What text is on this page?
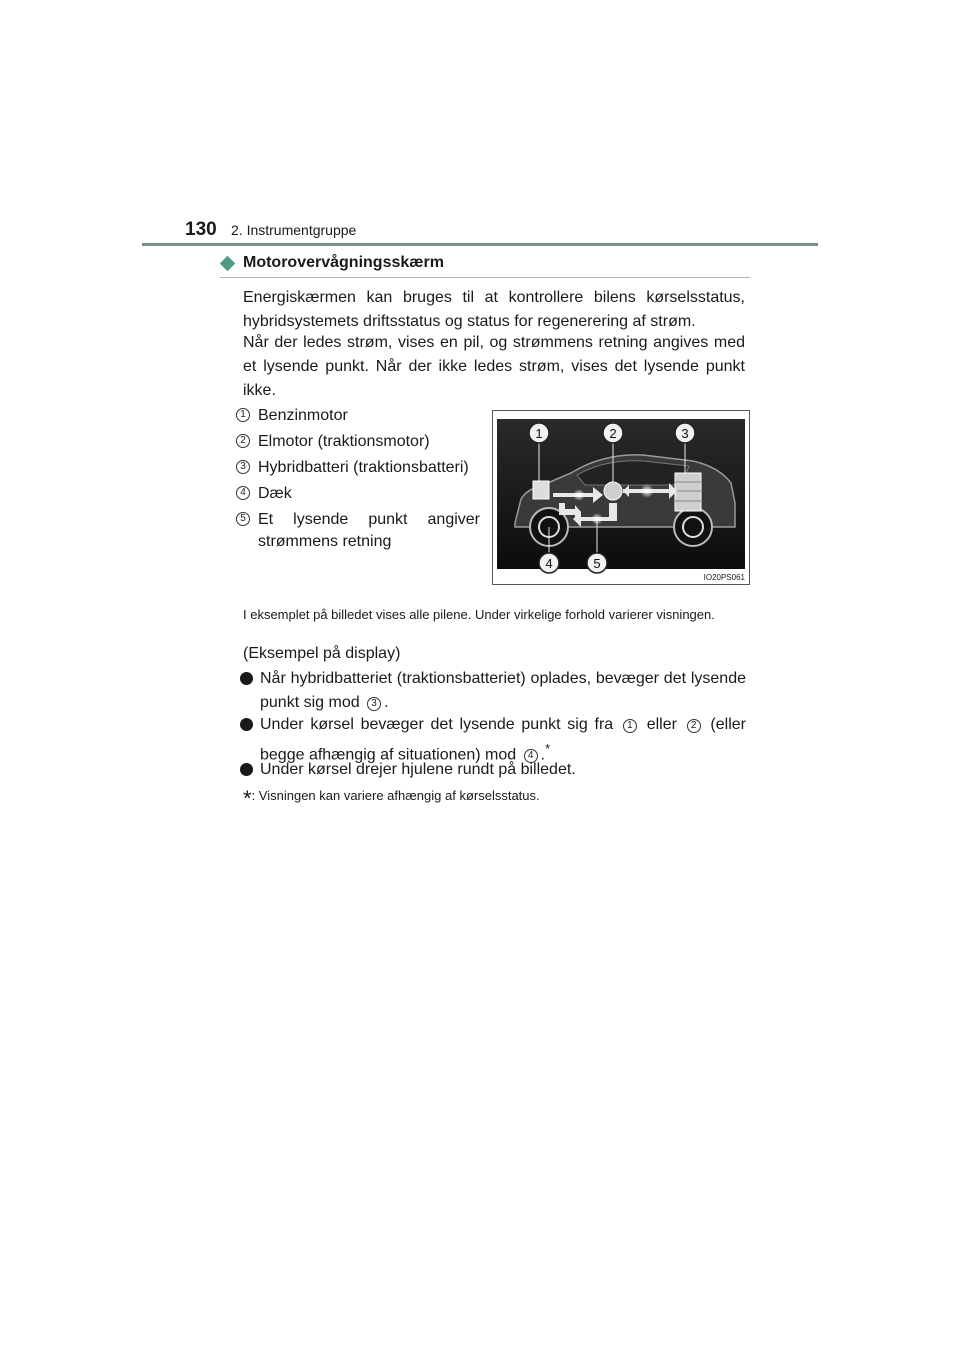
130 2. Instrumentgruppe
Motorovervågningsskærm

Energiskærmen kan bruges til at kontrollere bilens kørselsstatus, hybridsystemets driftsstatus og status for regenerering af strøm.

Når der ledes strøm, vises en pil, og strømmens retning angives med et lysende punkt. Når der ikke ledes strøm, vises det lysende punkt ikke.

1 Benzinmotor
2 Elmotor (traktionsmotor)
3 Hybridbatteri (traktionsbatteri)
4 Dæk
5 Et lysende punkt angiver strømmens retning
1	2	3
4	5
IO20PS061

I eksemplet på billedet vises alle pilene. Under virkelige forhold varierer visningen.

(Eksempel på display)
Når hybridbatteriet (traktionsbatteriet) oplades, bevæger det lysende punkt sig mod 3 .
Under kørsel bevæger det lysende punkt sig fra 1 eller 2 (eller begge afhængig af situationen) mod 4 .*
Under kørsel drejer hjulene rundt på billedet.
*: Visningen kan variere afhængig af kørselsstatus.
